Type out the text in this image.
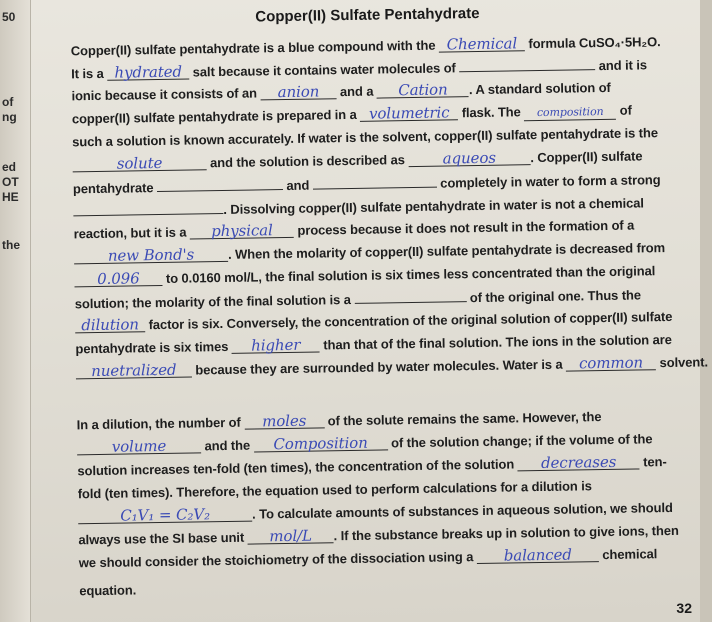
50
of
ng
ed
OT
HE
the
Copper(II) Sulfate Pentahydrate
Copper(II) sulfate pentahydrate is a blue compound with the Chemical formula CuSO₄·5H₂O.
It is a hydrated salt because it contains water molecules of	and it is
ionic because it consists of an anion and a Cation . A standard solution of
copper(II) sulfate pentahydrate is prepared in a volumetric flask. The composition of
such a solution is known accurately. If water is the solvent, copper(II) sulfate pentahydrate is the
solute	and the solution is described as	aqueos	. Copper(II) sulfate
pentahydrate	and	completely in water to form a strong
. Dissolving copper(II) sulfate pentahydrate in water is not a chemical
reaction, but it is a physical process because it does not result in the formation of a
new Bond's	. When the molarity of copper(II) sulfate pentahydrate is decreased from
0.096 to 0.0160 mol/L, the final solution is six times less concentrated than the original
solution; the molarity of the final solution is a	of the original one. Thus the
dilution factor is six. Conversely, the concentration of the original solution of copper(II) sulfate
pentahydrate is six times higher than that of the final solution. The ions in the solution are
nuetralized because they are surrounded by water molecules. Water is a common solvent.
In a dilution, the number of moles of the solute remains the same. However, the
volume	and the Composition of the solution change; if the volume of the
solution increases ten-fold (ten times), the concentration of the solution decreases ten-
fold (ten times). Therefore, the equation used to perform calculations for a dilution is
C₁V₁ = C₂V₂	. To calculate amounts of substances in aqueous solution, we should
always use the SI base unit mol/L . If the substance breaks up in solution to give ions, then
we should consider the stoichiometry of the dissociation using a balanced chemical
equation.
32
